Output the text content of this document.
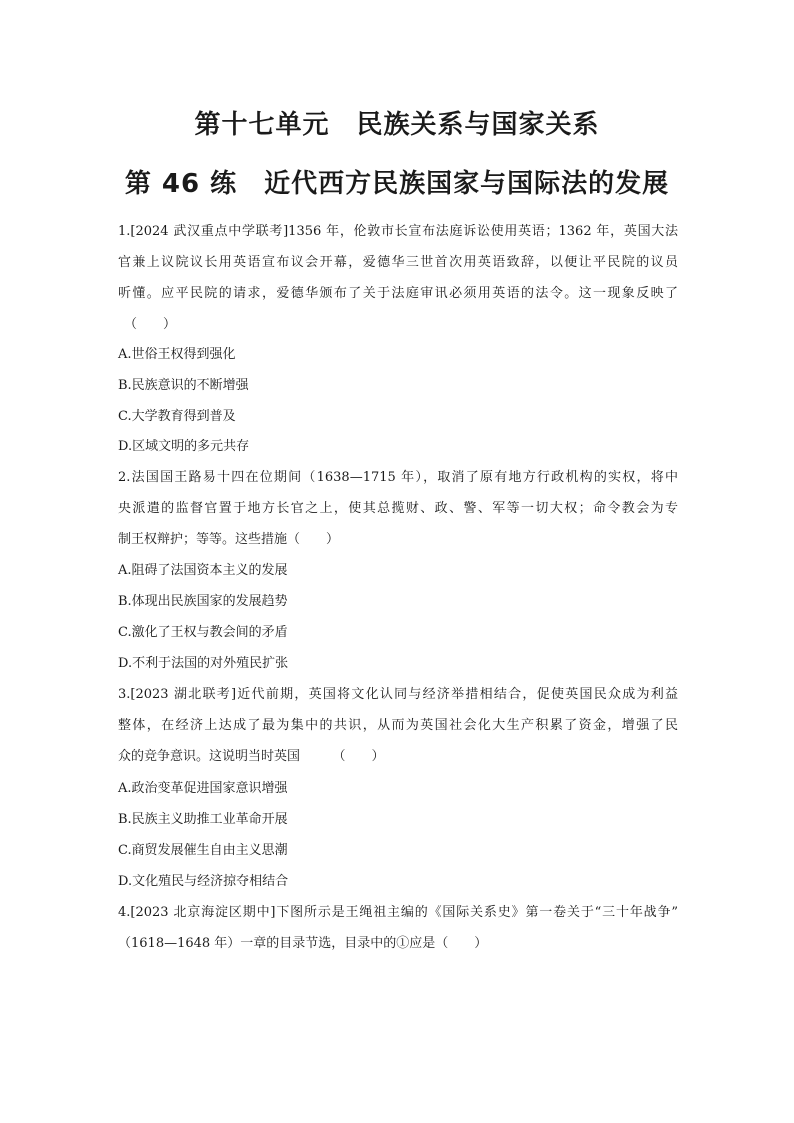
第十七单元　民族关系与国家关系
第 46 练　近代西方民族国家与国际法的发展
1.[2024 武汉重点中学联考]1356 年，伦敦市长宣布法庭诉讼使用英语；1362 年，英国大法
官兼上议院议长用英语宣布议会开幕，爱德华三世首次用英语致辞，以便让平民院的议员
听懂。应平民院的请求，爱德华颁布了关于法庭审讯必须用英语的法令。这一现象反映了
（　　）
A.世俗王权得到强化
B.民族意识的不断增强
C.大学教育得到普及
D.区域文明的多元共存
2.法国国王路易十四在位期间（1638—1715 年），取消了原有地方行政机构的实权，将中
央派遣的监督官置于地方长官之上，使其总揽财、政、警、军等一切大权；命令教会为专
制王权辩护；等等。这些措施（　　）
A.阻碍了法国资本主义的发展
B.体现出民族国家的发展趋势
C.激化了王权与教会间的矛盾
D.不利于法国的对外殖民扩张
3.[2023 湖北联考]近代前期，英国将文化认同与经济举措相结合，促使英国民众成为利益
整体，在经济上达成了最为集中的共识，从而为英国社会化大生产积累了资金，增强了民
众的竞争意识。这说明当时英国　　　（　　）
A.政治变革促进国家意识增强
B.民族主义助推工业革命开展
C.商贸发展催生自由主义思潮
D.文化殖民与经济掠夺相结合
4.[2023 北京海淀区期中]下图所示是王绳祖主编的《国际关系史》第一卷关于“三十年战争”
（1618—1648 年）一章的目录节选，目录中的①应是（　　）
